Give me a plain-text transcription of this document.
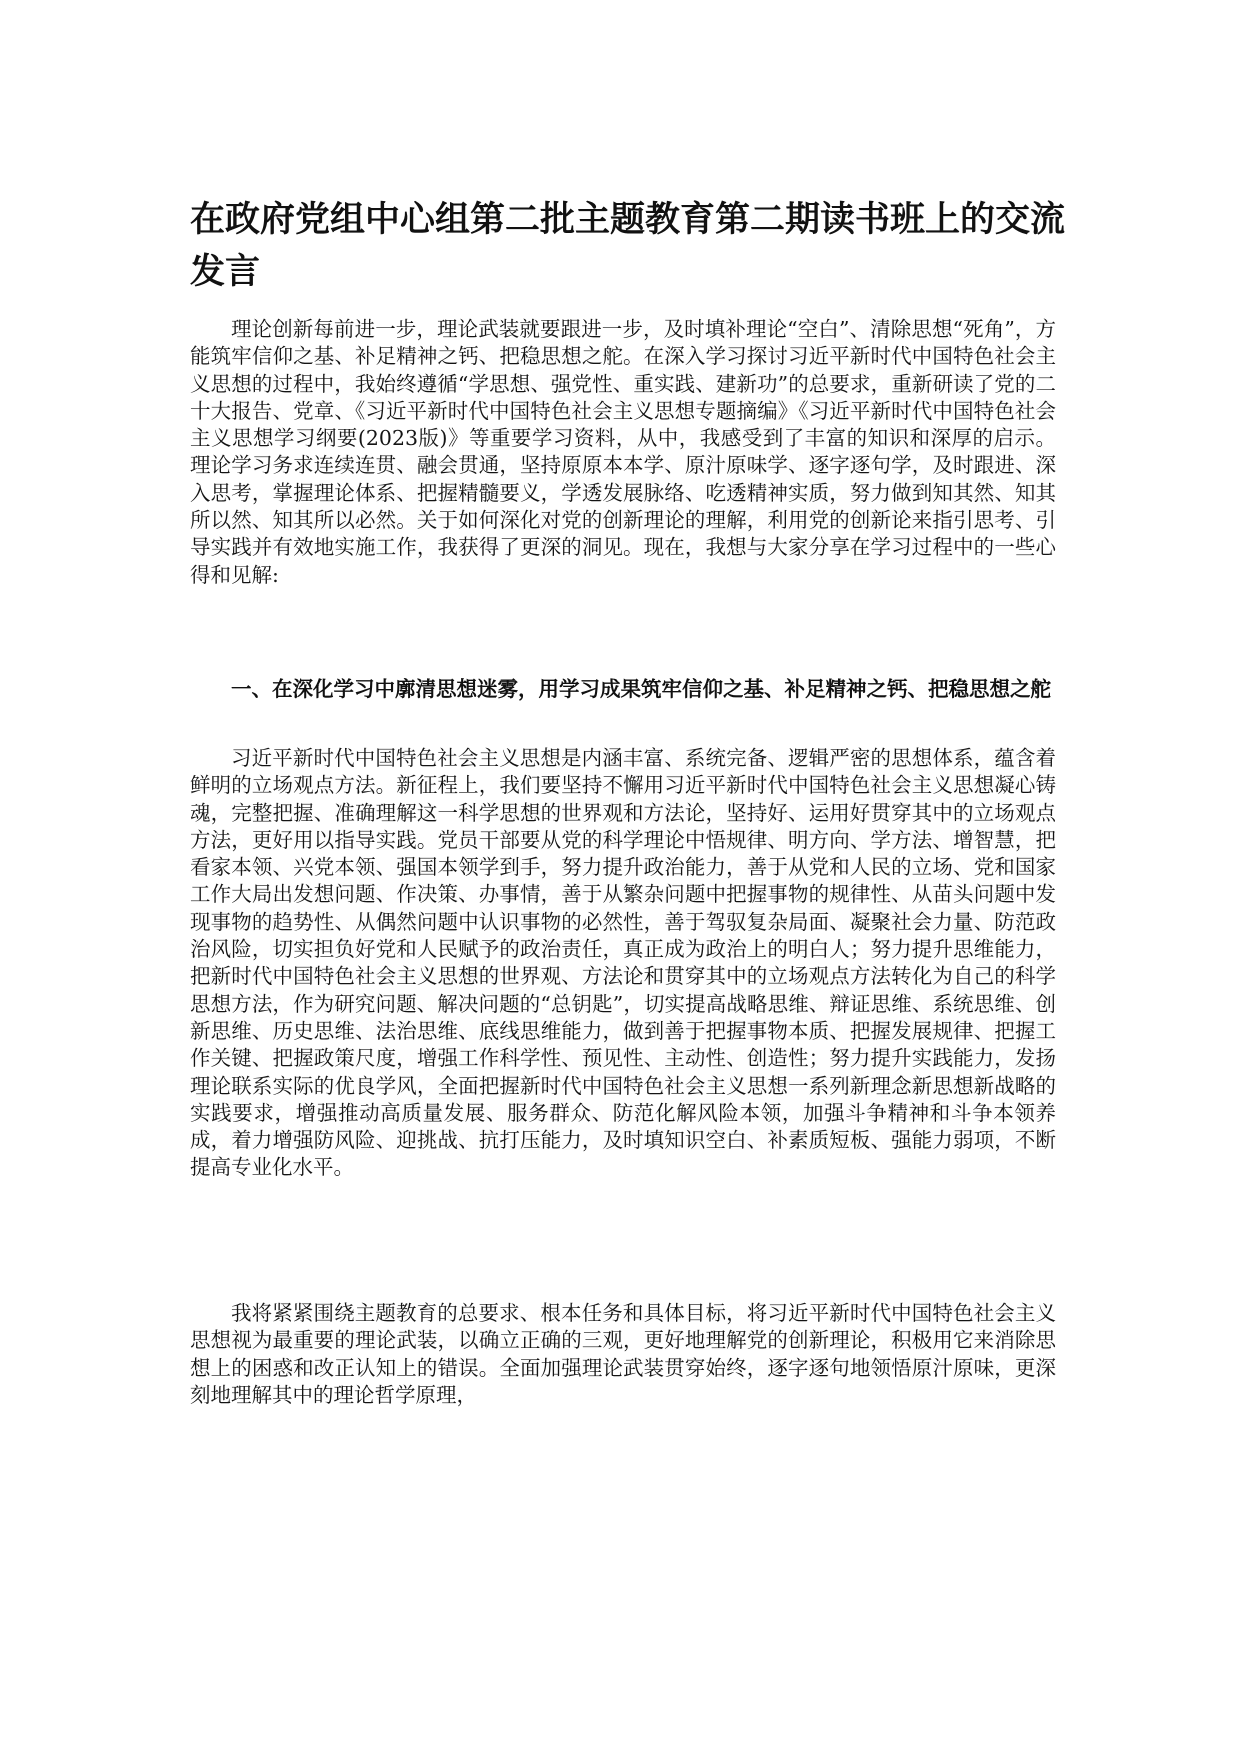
在政府党组中心组第二批主题教育第二期读书班上的交流发言

理论创新每前进一步，理论武装就要跟进一步，及时填补理论“空白”、清除思想“死角”，方能筑牢信仰之基、补足精神之钙、把稳思想之舵。在深入学习探讨习近平新时代中国特色社会主义思想的过程中，我始终遵循“学思想、强党性、重实践、建新功”的总要求，重新研读了党的二十大报告、党章、《习近平新时代中国特色社会主义思想专题摘编》《习近平新时代中国特色社会主义思想学习纲要(2023版)》等重要学习资料，从中，我感受到了丰富的知识和深厚的启示。理论学习务求连续连贯、融会贯通，坚持原原本本学、原汁原味学、逐字逐句学，及时跟进、深入思考，掌握理论体系、把握精髓要义，学透发展脉络、吃透精神实质，努力做到知其然、知其所以然、知其所以必然。关于如何深化对党的创新理论的理解，利用党的创新论来指引思考、引导实践并有效地实施工作，我获得了更深的洞见。现在，我想与大家分享在学习过程中的一些心得和见解:

一、在深化学习中廓清思想迷雾，用学习成果筑牢信仰之基、补足精神之钙、把稳思想之舵

习近平新时代中国特色社会主义思想是内涵丰富、系统完备、逻辑严密的思想体系，蕴含着鲜明的立场观点方法。新征程上，我们要坚持不懈用习近平新时代中国特色社会主义思想凝心铸魂，完整把握、准确理解这一科学思想的世界观和方法论，坚持好、运用好贯穿其中的立场观点方法，更好用以指导实践。党员干部要从党的科学理论中悟规律、明方向、学方法、增智慧，把看家本领、兴党本领、强国本领学到手，努力提升政治能力，善于从党和人民的立场、党和国家工作大局出发想问题、作决策、办事情，善于从繁杂问题中把握事物的规律性、从苗头问题中发现事物的趋势性、从偶然问题中认识事物的必然性，善于驾驭复杂局面、凝聚社会力量、防范政治风险，切实担负好党和人民赋予的政治责任，真正成为政治上的明白人；努力提升思维能力，把新时代中国特色社会主义思想的世界观、方法论和贯穿其中的立场观点方法转化为自己的科学思想方法，作为研究问题、解决问题的“总钥匙”，切实提高战略思维、辩证思维、系统思维、创新思维、历史思维、法治思维、底线思维能力，做到善于把握事物本质、把握发展规律、把握工作关键、把握政策尺度，增强工作科学性、预见性、主动性、创造性；努力提升实践能力，发扬理论联系实际的优良学风，全面把握新时代中国特色社会主义思想一系列新理念新思想新战略的实践要求，增强推动高质量发展、服务群众、防范化解风险本领，加强斗争精神和斗争本领养成，着力增强防风险、迎挑战、抗打压能力，及时填知识空白、补素质短板、强能力弱项，不断提高专业化水平。

我将紧紧围绕主题教育的总要求、根本任务和具体目标，将习近平新时代中国特色社会主义思想视为最重要的理论武装，以确立正确的三观，更好地理解党的创新理论，积极用它来消除思想上的困惑和改正认知上的错误。全面加强理论武装贯穿始终，逐字逐句地领悟原汁原味，更深刻地理解其中的理论哲学原理，
